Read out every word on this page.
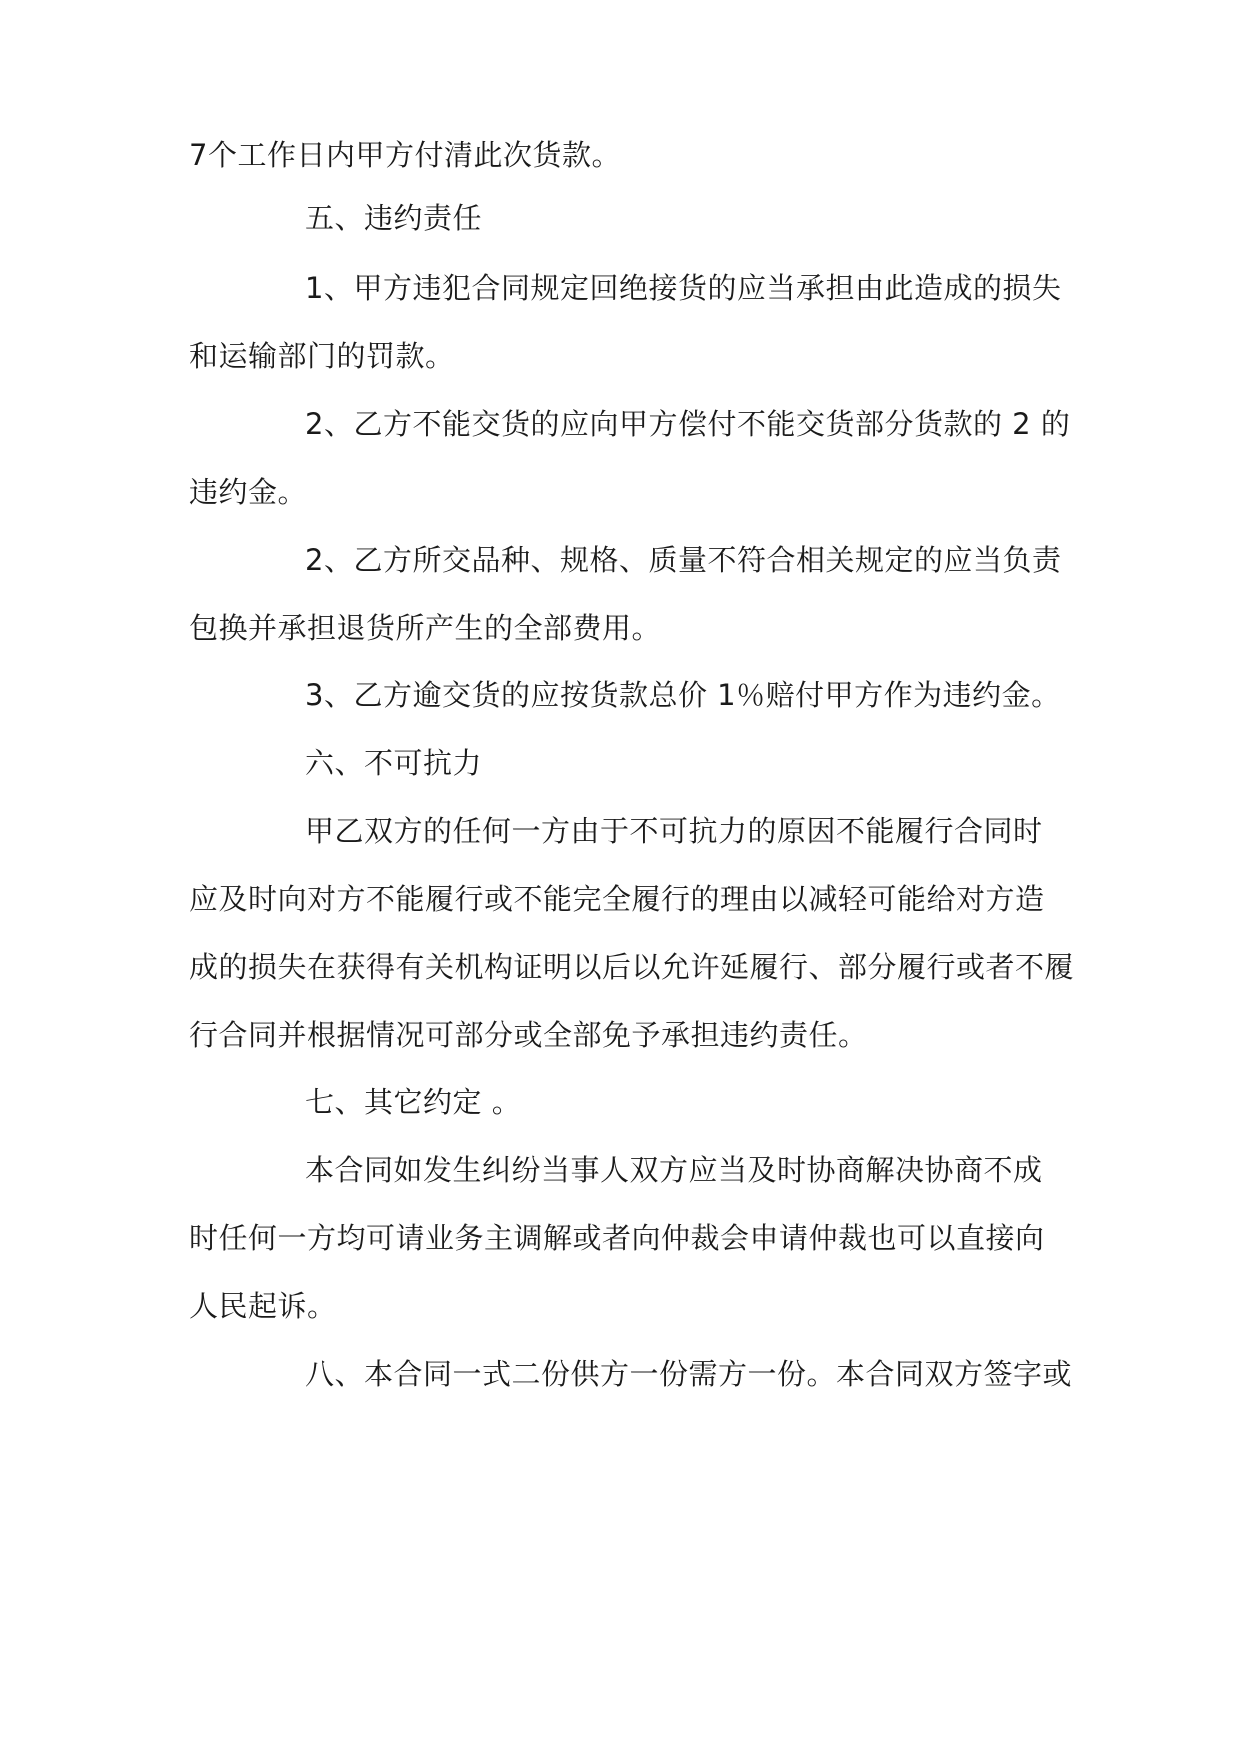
7个工作日内甲方付清此次货款。
五、违约责任
1、甲方违犯合同规定回绝接货的应当承担由此造成的损失
和运输部门的罚款。
2、乙方不能交货的应向甲方偿付不能交货部分货款的 2 的
违约金。
2、乙方所交品种、规格、质量不符合相关规定的应当负责
包换并承担退货所产生的全部费用。
3、乙方逾交货的应按货款总价 1％赔付甲方作为违约金。
六、不可抗力
甲乙双方的任何一方由于不可抗力的原因不能履行合同时
应及时向对方不能履行或不能完全履行的理由以减轻可能给对方造
成的损失在获得有关机构证明以后以允许延履行、部分履行或者不履
行合同并根据情况可部分或全部免予承担违约责任。
七、其它约定 。
本合同如发生纠纷当事人双方应当及时协商解决协商不成
时任何一方均可请业务主调解或者向仲裁会申请仲裁也可以直接向
人民起诉。
八、本合同一式二份供方一份需方一份。本合同双方签字或
